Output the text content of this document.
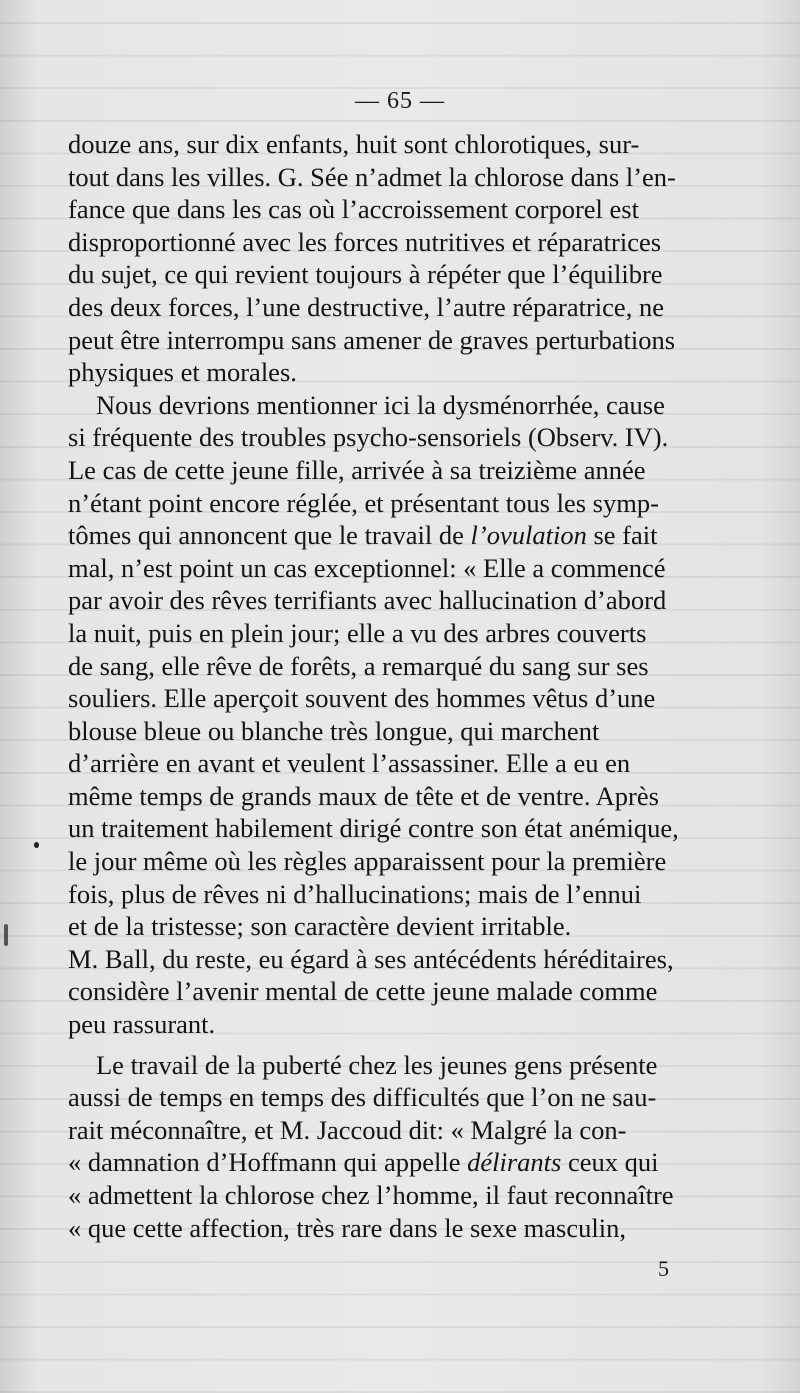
— 65 —
douze ans, sur dix enfants, huit sont chlorotiques, sur-
tout dans les villes. G. Sée n’admet la chlorose dans l’en-
fance que dans les cas où l’accroissement corporel est
disproportionné avec les forces nutritives et réparatrices
du sujet, ce qui revient toujours à répéter que l’équilibre
des deux forces, l’une destructive, l’autre réparatrice, ne
peut être interrompu sans amener de graves perturbations
physiques et morales.
Nous devrions mentionner ici la dysménorrhée, cause
si fréquente des troubles psycho-sensoriels (Observ. IV).
Le cas de cette jeune fille, arrivée à sa treizième année
n’étant point encore réglée, et présentant tous les symp-
tômes qui annoncent que le travail de l’ovulation se fait
mal, n’est point un cas exceptionnel: « Elle a commencé
par avoir des rêves terrifiants avec hallucination d’abord
la nuit, puis en plein jour; elle a vu des arbres couverts
de sang, elle rêve de forêts, a remarqué du sang sur ses
souliers. Elle aperçoit souvent des hommes vêtus d’une
blouse bleue ou blanche très longue, qui marchent
d’arrière en avant et veulent l’assassiner. Elle a eu en
même temps de grands maux de tête et de ventre. Après
un traitement habilement dirigé contre son état anémique,
le jour même où les règles apparaissent pour la première
fois, plus de rêves ni d’hallucinations; mais de l’ennui
et de la tristesse; son caractère devient irritable.
M. Ball, du reste, eu égard à ses antécédents héréditaires,
considère l’avenir mental de cette jeune malade comme
peu rassurant.
Le travail de la puberté chez les jeunes gens présente
aussi de temps en temps des difficultés que l’on ne sau-
rait méconnaître, et M. Jaccoud dit: « Malgré la con-
« damnation d’Hoffmann qui appelle délirants ceux qui
« admettent la chlorose chez l’homme, il faut reconnaître
« que cette affection, très rare dans le sexe masculin,
5
